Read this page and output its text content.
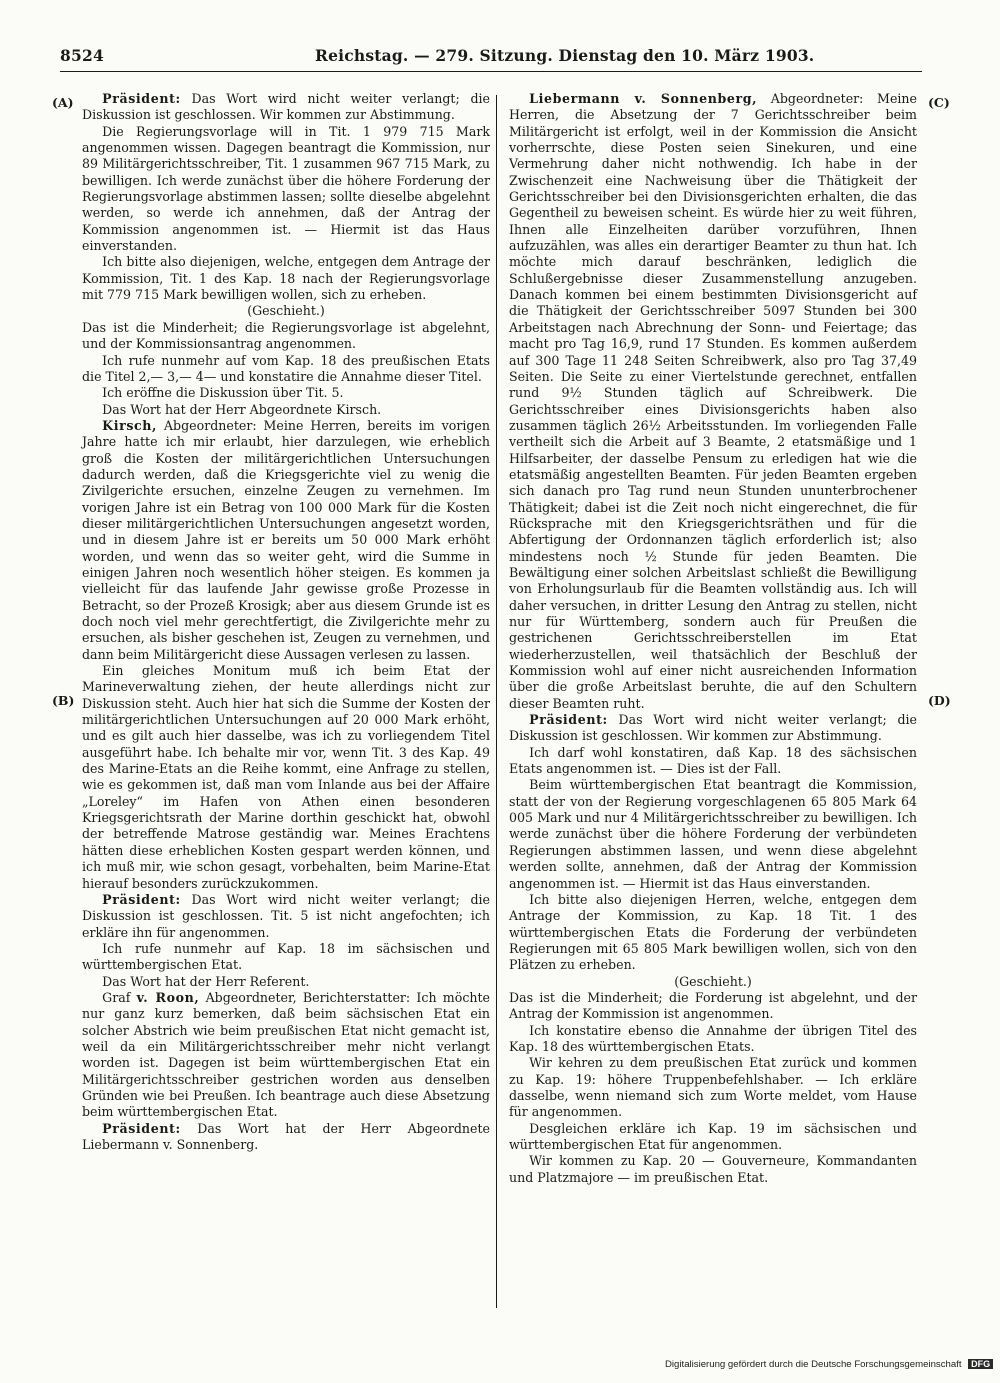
8524	Reichstag. — 279. Sitzung. Dienstag den 10. März 1903.
(A)
(B)
(C)
(D)

Präsident: Das Wort wird nicht weiter verlangt; die Diskussion ist geschlossen. Wir kommen zur Abstimmung.

Die Regierungsvorlage will in Tit. 1 979 715 Mark angenommen wissen. Dagegen beantragt die Kommission, nur 89 Militärgerichtsschreiber, Tit. 1 zusammen 967 715 Mark, zu bewilligen. Ich werde zunächst über die höhere Forderung der Regierungsvorlage abstimmen lassen; sollte dieselbe abgelehnt werden, so werde ich annehmen, daß der Antrag der Kommission angenommen ist. — Hiermit ist das Haus einverstanden.

Ich bitte also diejenigen, welche, entgegen dem Antrage der Kommission, Tit. 1 des Kap. 18 nach der Regierungsvorlage mit 779 715 Mark bewilligen wollen, sich zu erheben.

(Geschieht.)

Das ist die Minderheit; die Regierungsvorlage ist abgelehnt, und der Kommissionsantrag angenommen.

Ich rufe nunmehr auf vom Kap. 18 des preußischen Etats die Titel 2,— 3,— 4— und konstatire die Annahme dieser Titel.

Ich eröffne die Diskussion über Tit. 5.

Das Wort hat der Herr Abgeordnete Kirsch.

Kirsch, Abgeordneter: Meine Herren, bereits im vorigen Jahre hatte ich mir erlaubt, hier darzulegen, wie erheblich groß die Kosten der militärgerichtlichen Untersuchungen dadurch werden, daß die Kriegsgerichte viel zu wenig die Zivilgerichte ersuchen, einzelne Zeugen zu vernehmen. Im vorigen Jahre ist ein Betrag von 100 000 Mark für die Kosten dieser militärgerichtlichen Untersuchungen angesetzt worden, und in diesem Jahre ist er bereits um 50 000 Mark erhöht worden, und wenn das so weiter geht, wird die Summe in einigen Jahren noch wesentlich höher steigen. Es kommen ja vielleicht für das laufende Jahr gewisse große Prozesse in Betracht, so der Prozeß Krosigk; aber aus diesem Grunde ist es doch noch viel mehr gerechtfertigt, die Zivilgerichte mehr zu ersuchen, als bisher geschehen ist, Zeugen zu vernehmen, und dann beim Militärgericht diese Aussagen verlesen zu lassen.

Ein gleiches Monitum muß ich beim Etat der Marineverwaltung ziehen, der heute allerdings nicht zur Diskussion steht. Auch hier hat sich die Summe der Kosten der militärgerichtlichen Untersuchungen auf 20 000 Mark erhöht, und es gilt auch hier dasselbe, was ich zu vorliegendem Titel ausgeführt habe. Ich behalte mir vor, wenn Tit. 3 des Kap. 49 des Marine-Etats an die Reihe kommt, eine Anfrage zu stellen, wie es gekommen ist, daß man vom Inlande aus bei der Affaire „Loreley“ im Hafen von Athen einen besonderen Kriegsgerichtsrath der Marine dorthin geschickt hat, obwohl der betreffende Matrose geständig war. Meines Erachtens hätten diese erheblichen Kosten gespart werden können, und ich muß mir, wie schon gesagt, vorbehalten, beim Marine-Etat hierauf besonders zurückzukommen.

Präsident: Das Wort wird nicht weiter verlangt; die Diskussion ist geschlossen. Tit. 5 ist nicht angefochten; ich erkläre ihn für angenommen.

Ich rufe nunmehr auf Kap. 18 im sächsischen und württembergischen Etat.

Das Wort hat der Herr Referent.

Graf v. Roon, Abgeordneter, Berichterstatter: Ich möchte nur ganz kurz bemerken, daß beim sächsischen Etat ein solcher Abstrich wie beim preußischen Etat nicht gemacht ist, weil da ein Militärgerichtsschreiber mehr nicht verlangt worden ist. Dagegen ist beim württembergischen Etat ein Militärgerichtsschreiber gestrichen worden aus denselben Gründen wie bei Preußen. Ich beantrage auch diese Absetzung beim württembergischen Etat.

Präsident: Das Wort hat der Herr Abgeordnete Liebermann v. Sonnenberg.

Liebermann v. Sonnenberg, Abgeordneter: Meine Herren, die Absetzung der 7 Gerichtsschreiber beim Militärgericht ist erfolgt, weil in der Kommission die Ansicht vorherrschte, diese Posten seien Sinekuren, und eine Vermehrung daher nicht nothwendig. Ich habe in der Zwischenzeit eine Nachweisung über die Thätigkeit der Gerichtsschreiber bei den Divisionsgerichten erhalten, die das Gegentheil zu beweisen scheint. Es würde hier zu weit führen, Ihnen alle Einzelheiten darüber vorzuführen, Ihnen aufzuzählen, was alles ein derartiger Beamter zu thun hat. Ich möchte mich darauf beschränken, lediglich die Schlußergebnisse dieser Zusammenstellung anzugeben. Danach kommen bei einem bestimmten Divisionsgericht auf die Thätigkeit der Gerichtsschreiber 5097 Stunden bei 300 Arbeitstagen nach Abrechnung der Sonn- und Feiertage; das macht pro Tag 16,9, rund 17 Stunden. Es kommen außerdem auf 300 Tage 11 248 Seiten Schreibwerk, also pro Tag 37,49 Seiten. Die Seite zu einer Viertelstunde gerechnet, entfallen rund 9½ Stunden täglich auf Schreibwerk. Die Gerichtsschreiber eines Divisionsgerichts haben also zusammen täglich 26½ Arbeitsstunden. Im vorliegenden Falle vertheilt sich die Arbeit auf 3 Beamte, 2 etatsmäßige und 1 Hilfsarbeiter, der dasselbe Pensum zu erledigen hat wie die etatsmäßig angestellten Beamten. Für jeden Beamten ergeben sich danach pro Tag rund neun Stunden ununterbrochener Thätigkeit; dabei ist die Zeit noch nicht eingerechnet, die für Rücksprache mit den Kriegsgerichtsräthen und für die Abfertigung der Ordonnanzen täglich erforderlich ist; also mindestens noch ½ Stunde für jeden Beamten. Die Bewältigung einer solchen Arbeitslast schließt die Bewilligung von Erholungsurlaub für die Beamten vollständig aus. Ich will daher versuchen, in dritter Lesung den Antrag zu stellen, nicht nur für Württemberg, sondern auch für Preußen die gestrichenen Gerichtsschreiberstellen im Etat wiederherzustellen, weil thatsächlich der Beschluß der Kommission wohl auf einer nicht ausreichenden Information über die große Arbeitslast beruhte, die auf den Schultern dieser Beamten ruht.

Präsident: Das Wort wird nicht weiter verlangt; die Diskussion ist geschlossen. Wir kommen zur Abstimmung.

Ich darf wohl konstatiren, daß Kap. 18 des sächsischen Etats angenommen ist. — Dies ist der Fall.

Beim württembergischen Etat beantragt die Kommission, statt der von der Regierung vorgeschlagenen 65 805 Mark 64 005 Mark und nur 4 Militärgerichtsschreiber zu bewilligen. Ich werde zunächst über die höhere Forderung der verbündeten Regierungen abstimmen lassen, und wenn diese abgelehnt werden sollte, annehmen, daß der Antrag der Kommission angenommen ist. — Hiermit ist das Haus einverstanden.

Ich bitte also diejenigen Herren, welche, entgegen dem Antrage der Kommission, zu Kap. 18 Tit. 1 des württembergischen Etats die Forderung der verbündeten Regierungen mit 65 805 Mark bewilligen wollen, sich von den Plätzen zu erheben.

(Geschieht.)

Das ist die Minderheit; die Forderung ist abgelehnt, und der Antrag der Kommission ist angenommen.

Ich konstatire ebenso die Annahme der übrigen Titel des Kap. 18 des württembergischen Etats.

Wir kehren zu dem preußischen Etat zurück und kommen zu Kap. 19: höhere Truppenbefehlshaber. — Ich erkläre dasselbe, wenn niemand sich zum Worte meldet, vom Hause für angenommen.

Desgleichen erkläre ich Kap. 19 im sächsischen und württembergischen Etat für angenommen.

Wir kommen zu Kap. 20 — Gouverneure, Kommandanten und Platzmajore — im preußischen Etat.

Digitalisierung gefördert durch die Deutsche Forschungsgemeinschaft DFG
